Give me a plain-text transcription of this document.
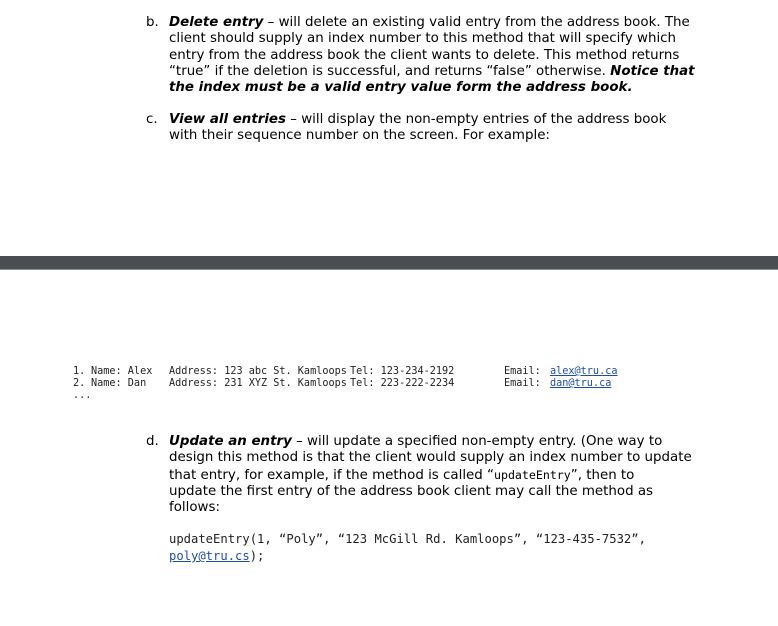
b. Delete entry – will delete an existing valid entry from the address book. The
client should supply an index number to this method that will specify which
entry from the address book the client wants to delete. This method returns
“true” if the deletion is successful, and returns “false” otherwise. Notice that
the index must be a valid entry value form the address book.
c. View all entries – will display the non-empty entries of the address book
with their sequence number on the screen. For example:
1. Name: Alex Address: 123 abc St. Kamloops Tel: 123-234-2192	Email: alex@tru.ca
2. Name: Dan Address: 231 XYZ St. Kamloops Tel: 223-222-2234	Email: dan@tru.ca
...
d. Update an entry – will update a specified non-empty entry. (One way to
design this method is that the client would supply an index number to update
that entry, for example, if the method is called “updateEntry”, then to
update the first entry of the address book client may call the method as
follows:
updateEntry(1, “Poly”, “123 McGill Rd. Kamloops”, “123-435-7532”,
poly@tru.cs);
